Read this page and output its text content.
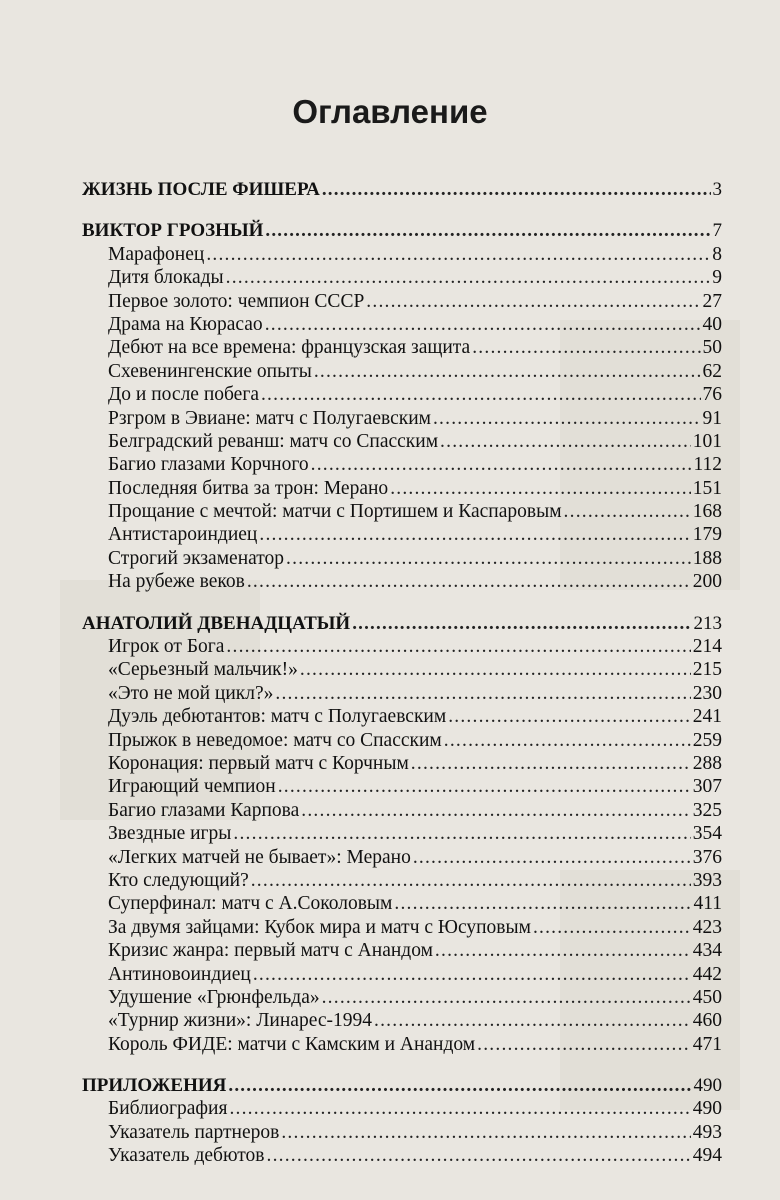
Оглавление
ЖИЗНЬ ПОСЛЕ ФИШЕРА .....	3
ВИКТОР ГРОЗНЫЙ .....	7
Марафонец .....	8
Дитя блокады .....	9
Первое золото: чемпион СССР .....	27
Драма на Кюрасао .....	40
Дебют на все времена: французская защита .....	50
Схевенингенские опыты .....	62
До и после побега .....	76
Рзгром в Эвиане: матч с Полугаевским .....	91
Белградский реванш: матч со Спасским .....	101
Багио глазами Корчного .....	112
Последняя битва за трон: Мерано .....	151
Прощание с мечтой: матчи с Портишем и Каспаровым .....	168
Антистароиндиец .....	179
Строгий экзаменатор .....	188
На рубеже веков .....	200
АНАТОЛИЙ ДВЕНАДЦАТЫЙ .....	213
Игрок от Бога .....	214
«Серьезный мальчик!» .....	215
«Это не мой цикл?» .....	230
Дуэль дебютантов: матч с Полугаевским .....	241
Прыжок в неведомое: матч со Спасским .....	259
Коронация: первый матч с Корчным .....	288
Играющий чемпион .....	307
Багио глазами Карпова .....	325
Звездные игры .....	354
«Легких матчей не бывает»: Мерано .....	376
Кто следующий? .....	393
Суперфинал: матч с А.Соколовым .....	411
За двумя зайцами: Кубок мира и матч с Юсуповым .....	423
Кризис жанра: первый матч с Анандом .....	434
Антиновоиндиец .....	442
Удушение «Грюнфельда» .....	450
«Турнир жизни»: Линарес-1994 .....	460
Король ФИДЕ: матчи с Камским и Анандом .....	471
ПРИЛОЖЕНИЯ .....	490
Библиография .....	490
Указатель партнеров .....	493
Указатель дебютов .....	494
